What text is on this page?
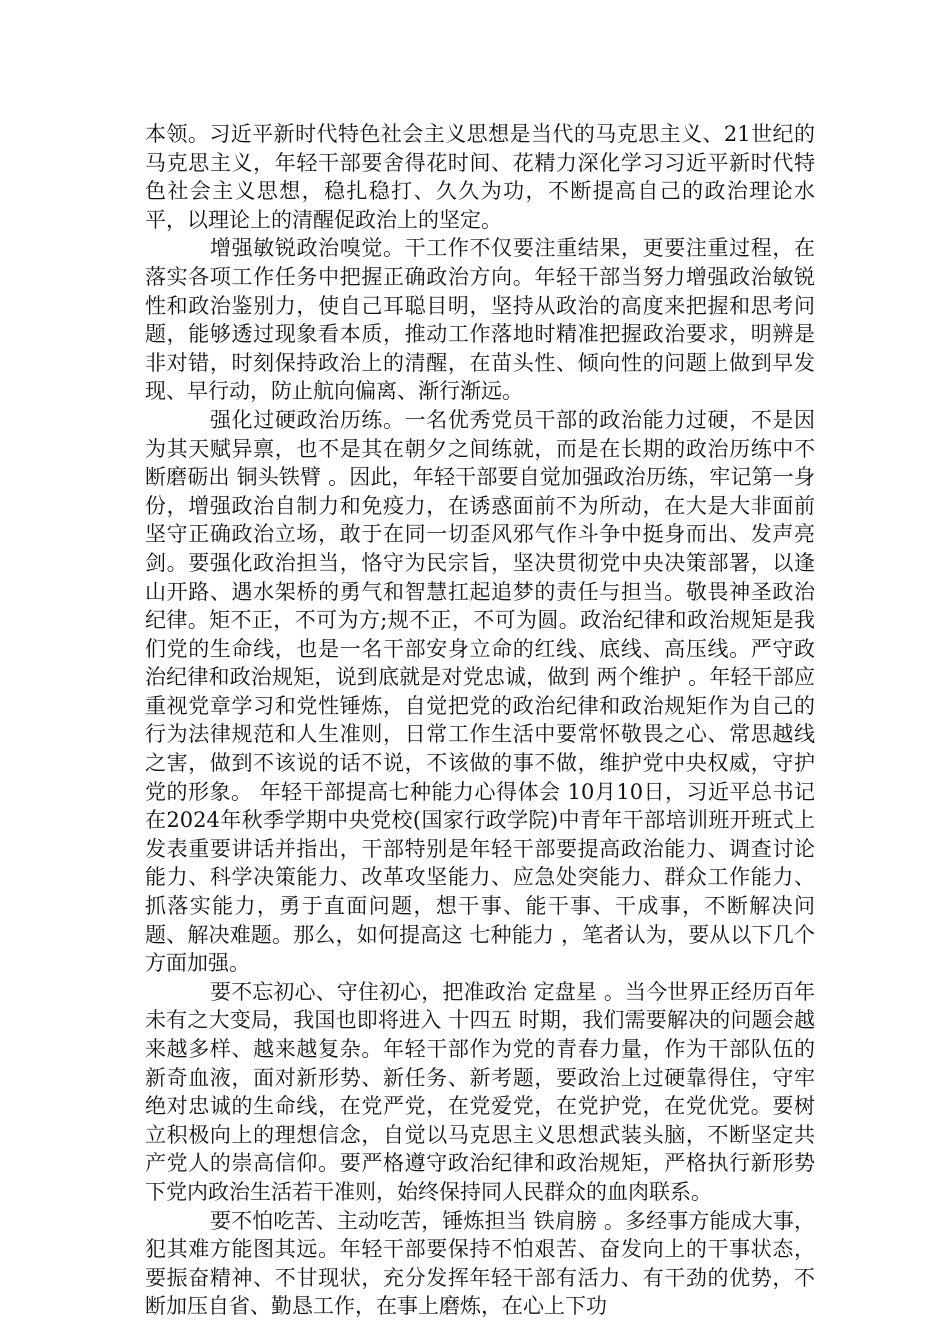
本领。习近平新时代特色社会主义思想是当代的马克思主义、21世纪的马克思主义，年轻干部要舍得花时间、花精力深化学习习近平新时代特色社会主义思想，稳扎稳打、久久为功，不断提高自己的政治理论水平，以理论上的清醒促政治上的坚定。

增强敏锐政治嗅觉。干工作不仅要注重结果，更要注重过程，在落实各项工作任务中把握正确政治方向。年轻干部当努力增强政治敏锐性和政治鉴别力，使自己耳聪目明，坚持从政治的高度来把握和思考问题，能够透过现象看本质，推动工作落地时精准把握政治要求，明辨是非对错，时刻保持政治上的清醒，在苗头性、倾向性的问题上做到早发现、早行动，防止航向偏离、渐行渐远。

强化过硬政治历练。一名优秀党员干部的政治能力过硬，不是因为其天赋异禀，也不是其在朝夕之间练就，而是在长期的政治历练中不断磨砺出 铜头铁臂 。因此，年轻干部要自觉加强政治历练，牢记第一身份，增强政治自制力和免疫力，在诱惑面前不为所动，在大是大非面前坚守正确政治立场，敢于在同一切歪风邪气作斗争中挺身而出、发声亮剑。要强化政治担当，恪守为民宗旨，坚决贯彻党中央决策部署，以逢山开路、遇水架桥的勇气和智慧扛起追梦的责任与担当。敬畏神圣政治纪律。矩不正，不可为方;规不正，不可为圆。政治纪律和政治规矩是我们党的生命线，也是一名干部安身立命的红线、底线、高压线。严守政治纪律和政治规矩，说到底就是对党忠诚，做到 两个维护 。年轻干部应重视党章学习和党性锤炼，自觉把党的政治纪律和政治规矩作为自己的行为法律规范和人生准则，日常工作生活中要常怀敬畏之心、常思越线之害，做到不该说的话不说，不该做的事不做，维护党中央权威，守护党的形象。 年轻干部提高七种能力心得体会 10月10日，习近平总书记在2024年秋季学期中央党校(国家行政学院)中青年干部培训班开班式上发表重要讲话并指出，干部特别是年轻干部要提高政治能力、调查讨论能力、科学决策能力、改革攻坚能力、应急处突能力、群众工作能力、抓落实能力，勇于直面问题，想干事、能干事、干成事，不断解决问题、解决难题。那么，如何提高这 七种能力 ，笔者认为，要从以下几个方面加强。

要不忘初心、守住初心，把准政治 定盘星 。当今世界正经历百年未有之大变局，我国也即将进入 十四五 时期，我们需要解决的问题会越来越多样、越来越复杂。年轻干部作为党的青春力量，作为干部队伍的新奇血液，面对新形势、新任务、新考题，要政治上过硬靠得住，守牢绝对忠诚的生命线，在党严党，在党爱党，在党护党，在党优党。要树立积极向上的理想信念，自觉以马克思主义思想武装头脑，不断坚定共产党人的崇高信仰。要严格遵守政治纪律和政治规矩，严格执行新形势下党内政治生活若干准则，始终保持同人民群众的血肉联系。

要不怕吃苦、主动吃苦，锤炼担当 铁肩膀 。多经事方能成大事，犯其难方能图其远。年轻干部要保持不怕艰苦、奋发向上的干事状态，要振奋精神、不甘现状，充分发挥年轻干部有活力、有干劲的优势，不断加压自省、勤恳工作，在事上磨炼，在心上下功
